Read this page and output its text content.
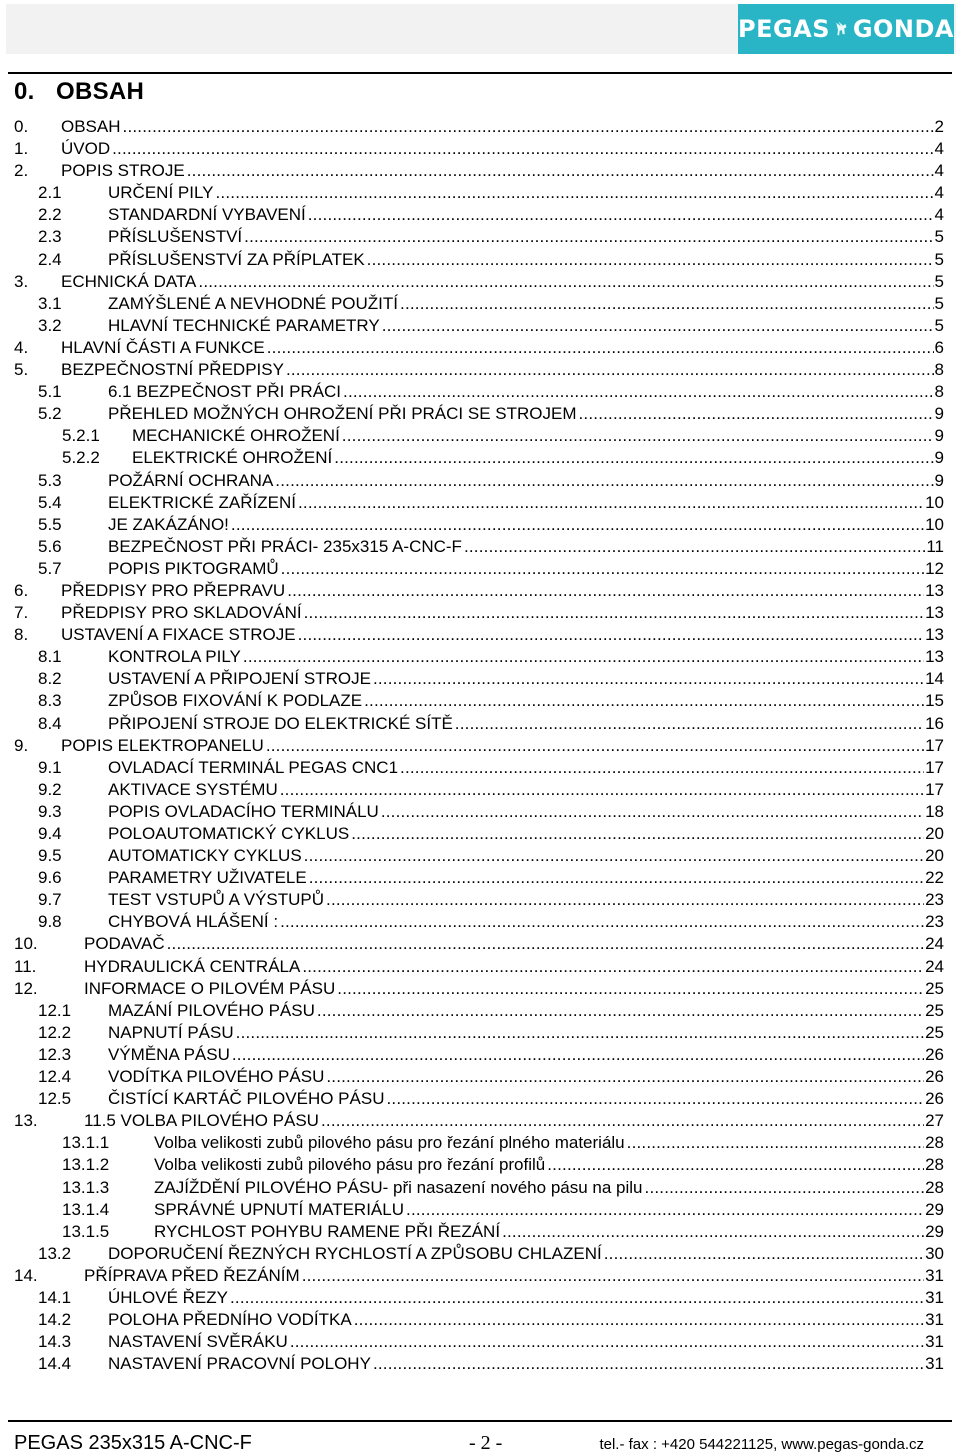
PEGAS GONDA
0. OBSAH
0.	OBSAH .....	2
1.	ÚVOD .....	4
2.	POPIS STROJE .....	4
2.1	URČENÍ PILY .....	4
2.2	STANDARDNÍ VYBAVENÍ .....	4
2.3	PŘÍSLUŠENSTVÍ .....	5
2.4	PŘÍSLUŠENSTVÍ ZA PŘÍPLATEK .....	5
3.	ECHNICKÁ DATA .....	5
3.1	ZAMÝŠLENÉ A NEVHODNÉ POUŽITÍ .....	5
3.2	HLAVNÍ TECHNICKÉ PARAMETRY .....	5
4.	HLAVNÍ ČÁSTI A FUNKCE .....	6
5.	BEZPEČNOSTNÍ PŘEDPISY .....	8
5.1	6.1 BEZPEČNOST PŘI PRÁCI .....	8
5.2	PŘEHLED MOŽNÝCH OHROŽENÍ PŘI PRÁCI SE STROJEM .....	9
5.2.1	MECHANICKÉ OHROŽENÍ .....	9
5.2.2	ELEKTRICKÉ OHROŽENÍ .....	9
5.3	POŽÁRNÍ OCHRANA .....	9
5.4	ELEKTRICKÉ ZAŘÍZENÍ .....	10
5.5	JE ZAKÁZÁNO! .....	10
5.6	BEZPEČNOST PŘI PRÁCI- 235x315 A-CNC-F .....	11
5.7	POPIS PIKTOGRAMŮ .....	12
6.	PŘEDPISY PRO PŘEPRAVU .....	13
7.	PŘEDPISY PRO SKLADOVÁNÍ .....	13
8.	USTAVENÍ A FIXACE STROJE .....	13
8.1	KONTROLA PILY .....	13
8.2	USTAVENÍ A PŘIPOJENÍ STROJE .....	14
8.3	ZPŮSOB FIXOVÁNÍ K PODLAZE .....	15
8.4	PŘIPOJENÍ STROJE DO ELEKTRICKÉ SÍTĚ .....	16
9.	POPIS ELEKTROPANELU .....	17
9.1	OVLADACÍ TERMINÁL PEGAS CNC1 .....	17
9.2	AKTIVACE SYSTÉMU .....	17
9.3	POPIS OVLADACÍHO TERMINÁLU .....	18
9.4	POLOAUTOMATICKÝ CYKLUS .....	20
9.5	AUTOMATICKY CYKLUS .....	20
9.6	PARAMETRY UŽIVATELE .....	22
9.7	TEST VSTUPŮ A VÝSTUPŮ .....	23
9.8	CHYBOVÁ HLÁŠENÍ : .....	23
10.	PODAVAČ .....	24
11.	HYDRAULICKÁ CENTRÁLA .....	24
12.	INFORMACE O PILOVÉM PÁSU .....	25
12.1	MAZÁNÍ PILOVÉHO PÁSU .....	25
12.2	NAPNUTÍ PÁSU .....	25
12.3	VÝMĚNA PÁSU .....	26
12.4	VODÍTKA PILOVÉHO PÁSU .....	26
12.5	ČISTÍCÍ KARTÁČ PILOVÉHO PÁSU .....	26
13.	11.5 VOLBA PILOVÉHO PÁSU .....	27
13.1.1	Volba velikosti zubů pilového pásu pro řezání plného materiálu .....	28
13.1.2	Volba velikosti zubů pilového pásu pro řezání profilů .....	28
13.1.3	ZAJÍŽDĚNÍ PILOVÉHO PÁSU- při nasazení nového pásu na pilu .....	28
13.1.4	SPRÁVNÉ UPNUTÍ MATERIÁLU .....	29
13.1.5	RYCHLOST POHYBU RAMENE PŘI ŘEZÁNÍ .....	29
13.2	DOPORUČENÍ ŘEZNÝCH RYCHLOSTÍ A ZPŮSOBU CHLAZENÍ .....	30
14.	PŘÍPRAVA PŘED ŘEZÁNÍM .....	31
14.1	ÚHLOVÉ ŘEZY .....	31
14.2	POLOHA PŘEDNÍHO VODÍTKA .....	31
14.3	NASTAVENÍ SVĚRÁKU .....	31
14.4	NASTAVENÍ PRACOVNÍ POLOHY .....	31
PEGAS 235x315 A-CNC-F	- 2 -	tel.- fax : +420 544221125, www.pegas-gonda.cz
